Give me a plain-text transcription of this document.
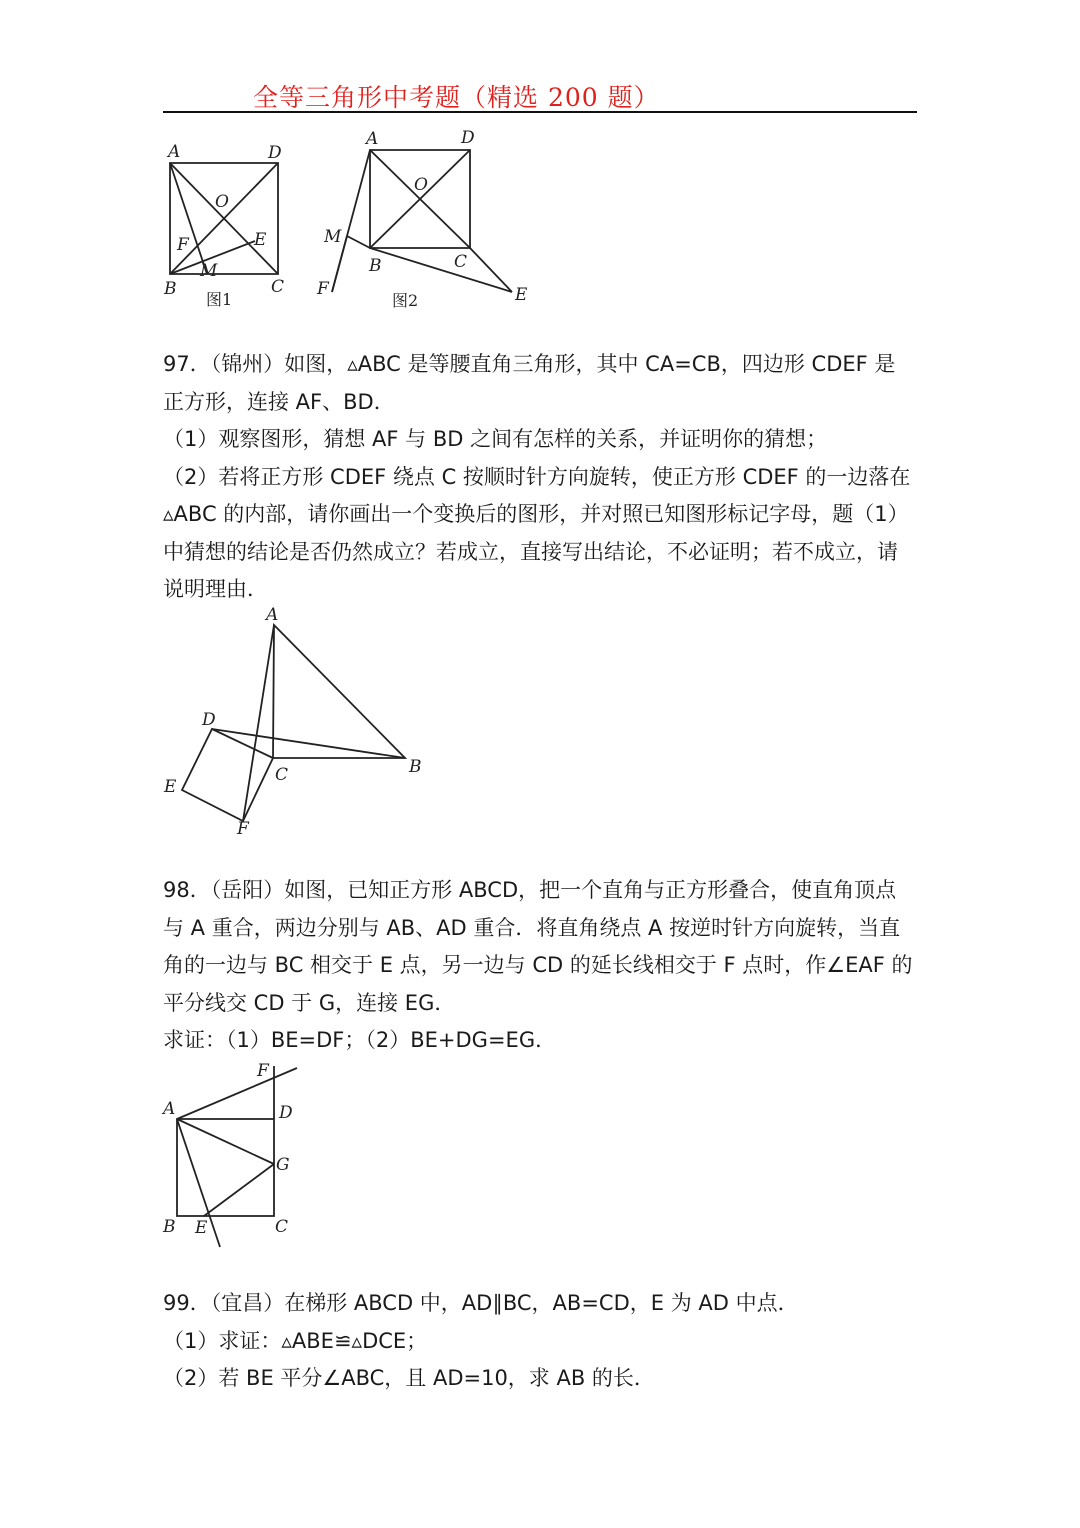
全等三角形中考题（精选 200 题）
A	D
O
F	E
M
B	C
图1
A	D
O
M
B	C
F	E
图2
97．（锦州）如图，▵ABC 是等腰直角三角形，其中 CA=CB，四边形 CDEF 是
正方形，连接 AF、BD．
（1）观察图形，猜想 AF 与 BD 之间有怎样的关系，并证明你的猜想；
（2）若将正方形 CDEF 绕点 C 按顺时针方向旋转，使正方形 CDEF 的一边落在
▵ABC 的内部，请你画出一个变换后的图形，并对照已知图形标记字母，题（1）
中猜想的结论是否仍然成立？若成立，直接写出结论，不必证明；若不成立，请
说明理由．
A
D
C	B
E
F
98．（岳阳）如图，已知正方形 ABCD，把一个直角与正方形叠合，使直角顶点
与 A 重合，两边分别与 AB、AD 重合．将直角绕点 A 按逆时针方向旋转，当直
角的一边与 BC 相交于 E 点，另一边与 CD 的延长线相交于 F 点时，作∠EAF 的
平分线交 CD 于 G，连接 EG．
求证：（1）BE=DF；（2）BE+DG=EG．
F
A	D
G
B E	C
99．（宜昌）在梯形 ABCD 中，AD∥BC，AB=CD，E 为 AD 中点．
（1）求证：▵ABE≌▵DCE；
（2）若 BE 平分∠ABC，且 AD=10，求 AB 的长．
